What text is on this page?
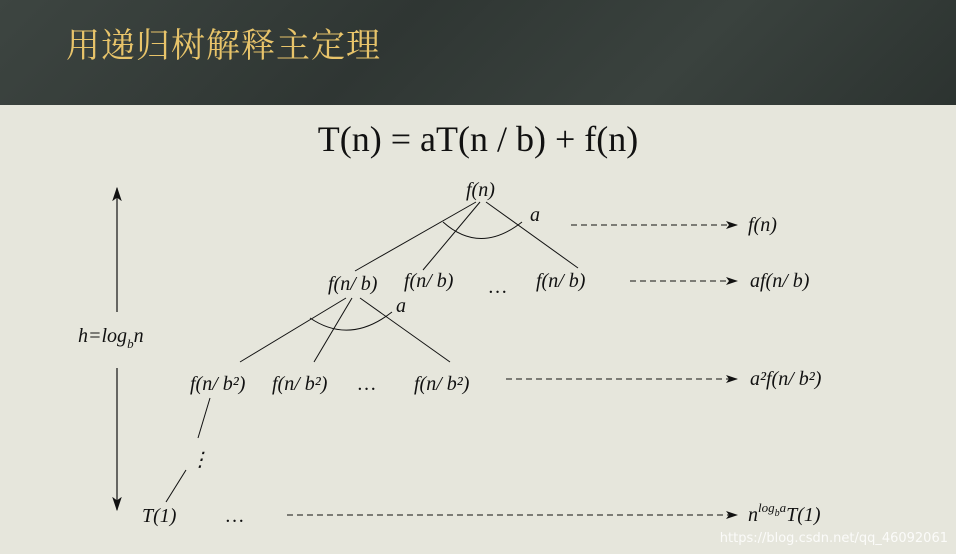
用递归树解释主定理
T(n) = aT(n / b) + f(n)
$h=\log_bn$
f(n)
a
f(n/ b) f(n/ b) … f(n/ b)
a
f(n/ b²) f(n/ b²) … f(n/ b²)
⋮
T(1) …
f(n)
af(n/ b)
a²f(n/ b²)
$n^{log}_b^aT(1)$
https://blog.csdn.net/qq_46092061
